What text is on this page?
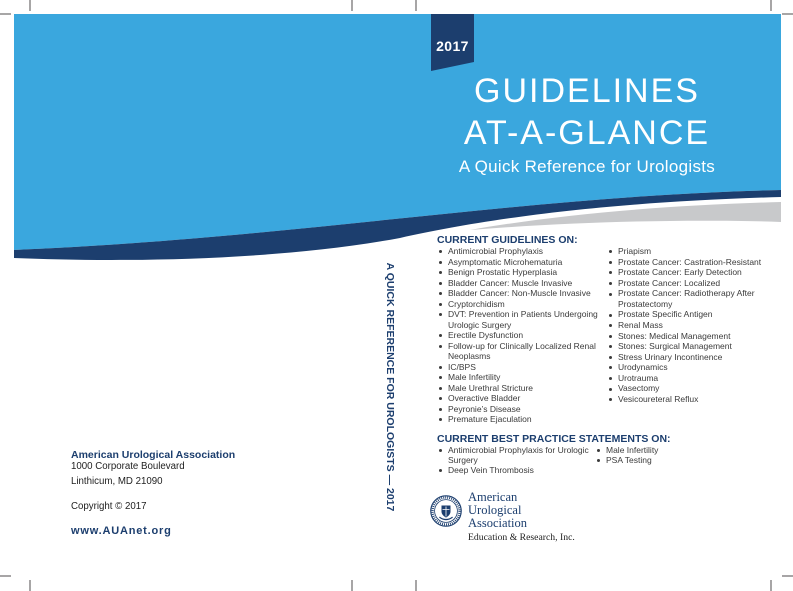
2017
GUIDELINES
AT-A-GLANCE
A Quick Reference for Urologists
A QUICK REFERENCE FOR UROLOGISTS — 2017
CURRENT GUIDELINES ON:
Antimicrobial Prophylaxis
Asymptomatic Microhematuria
Benign Prostatic Hyperplasia
Bladder Cancer: Muscle Invasive
Bladder Cancer: Non-Muscle Invasive
Cryptorchidism
DVT: Prevention in Patients Undergoing
Urologic Surgery
Erectile Dysfunction
Follow-up for Clinically Localized Renal
Neoplasms
IC/BPS
Male Infertility
Male Urethral Stricture
Overactive Bladder
Peyronie’s Disease
Premature Ejaculation
Priapism
Prostate Cancer: Castration-Resistant
Prostate Cancer: Early Detection
Prostate Cancer: Localized
Prostate Cancer: Radiotherapy After
Prostatectomy
Prostate Specific Antigen
Renal Mass
Stones: Medical Management
Stones: Surgical Management
Stress Urinary Incontinence
Urodynamics
Urotrauma
Vasectomy
Vesicoureteral Reflux
CURRENT BEST PRACTICE STATEMENTS ON:
Antimicrobial Prophylaxis for Urologic
Surgery
Deep Vein Thrombosis
Male Infertility
PSA Testing
American
Urological
Association
Education & Research, Inc.
American Urological Association
1000 Corporate Boulevard
Linthicum, MD 21090
Copyright © 2017
www.AUAnet.org
